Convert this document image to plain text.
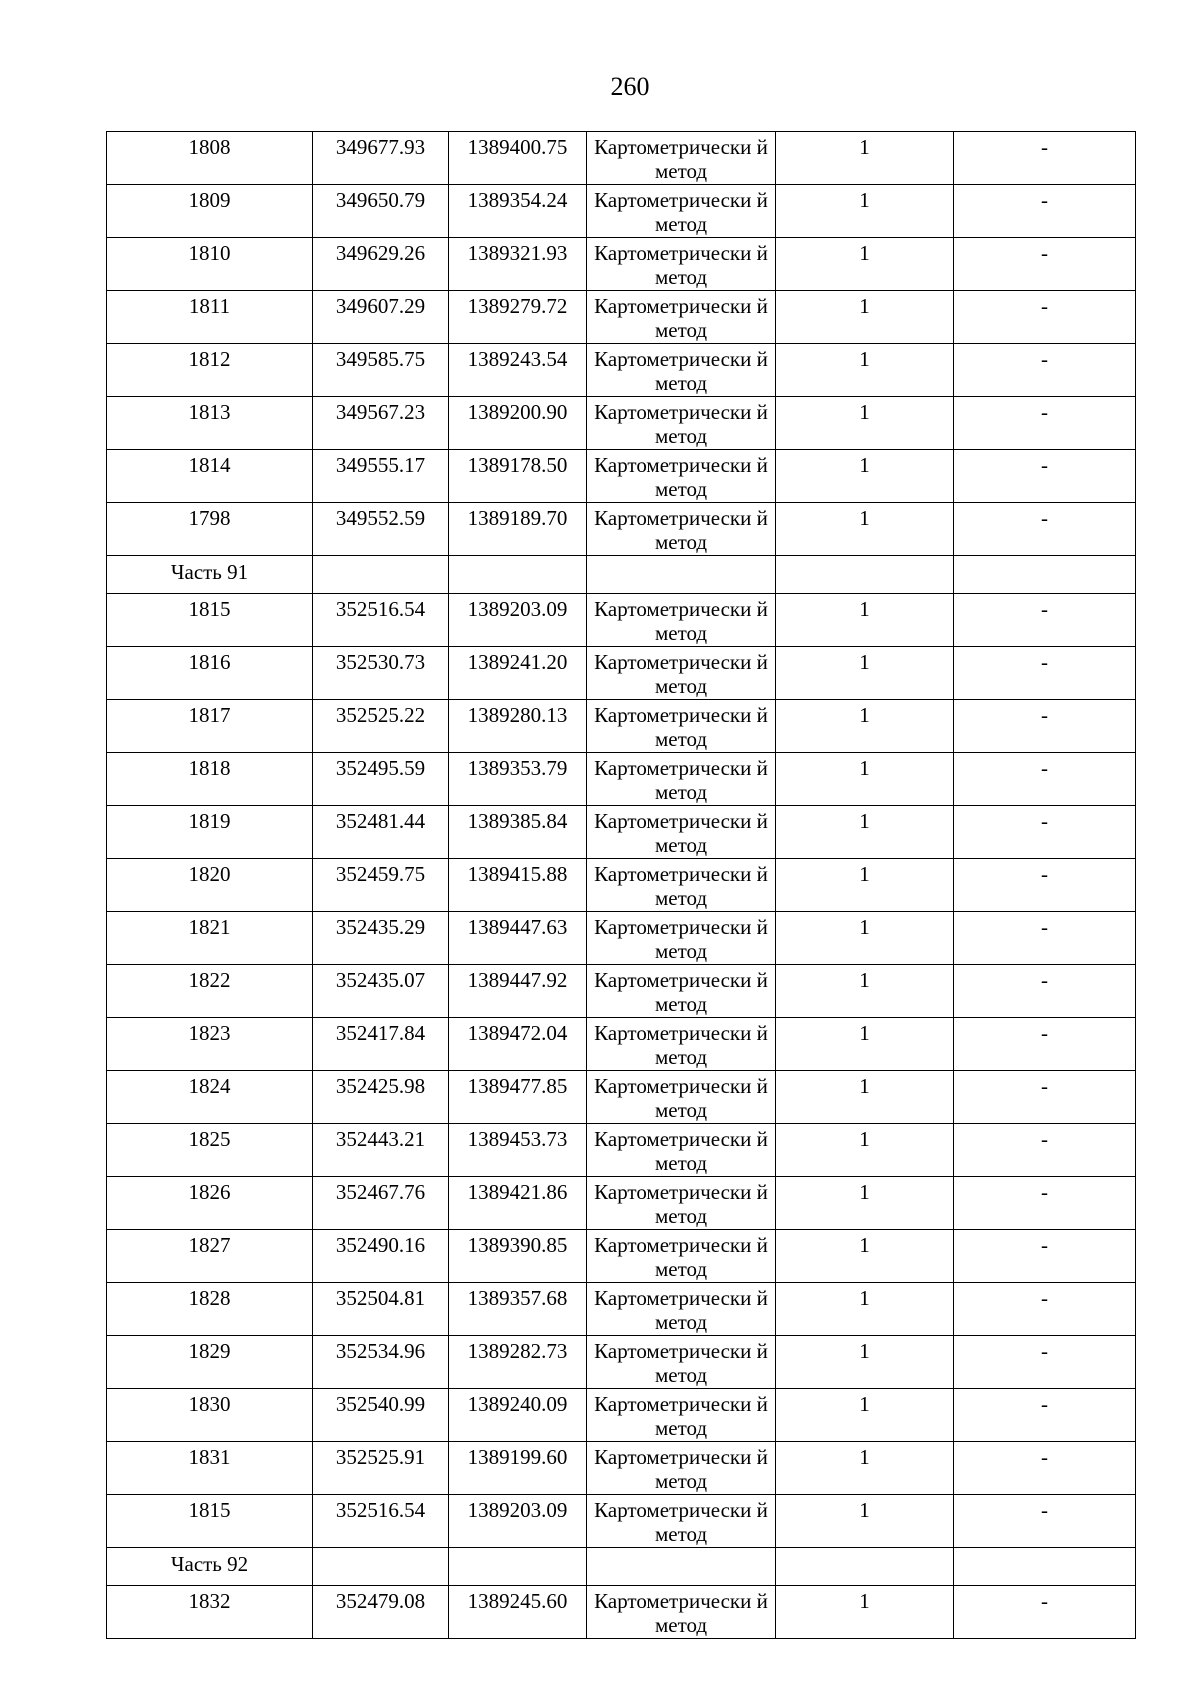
260
1808	349677.93	1389400.75	Картометрически й метод	1	-
1809	349650.79	1389354.24	Картометрически й метод	1	-
1810	349629.26	1389321.93	Картометрически й метод	1	-
1811	349607.29	1389279.72	Картометрически й метод	1	-
1812	349585.75	1389243.54	Картометрически й метод	1	-
1813	349567.23	1389200.90	Картометрически й метод	1	-
1814	349555.17	1389178.50	Картометрически й метод	1	-
1798	349552.59	1389189.70	Картометрически й метод	1	-
Часть 91					
1815	352516.54	1389203.09	Картометрически й метод	1	-
1816	352530.73	1389241.20	Картометрически й метод	1	-
1817	352525.22	1389280.13	Картометрически й метод	1	-
1818	352495.59	1389353.79	Картометрически й метод	1	-
1819	352481.44	1389385.84	Картометрически й метод	1	-
1820	352459.75	1389415.88	Картометрически й метод	1	-
1821	352435.29	1389447.63	Картометрически й метод	1	-
1822	352435.07	1389447.92	Картометрически й метод	1	-
1823	352417.84	1389472.04	Картометрически й метод	1	-
1824	352425.98	1389477.85	Картометрически й метод	1	-
1825	352443.21	1389453.73	Картометрически й метод	1	-
1826	352467.76	1389421.86	Картометрически й метод	1	-
1827	352490.16	1389390.85	Картометрически й метод	1	-
1828	352504.81	1389357.68	Картометрически й метод	1	-
1829	352534.96	1389282.73	Картометрически й метод	1	-
1830	352540.99	1389240.09	Картометрически й метод	1	-
1831	352525.91	1389199.60	Картометрически й метод	1	-
1815	352516.54	1389203.09	Картометрически й метод	1	-
Часть 92					
1832	352479.08	1389245.60	Картометрически й метод	1	-
